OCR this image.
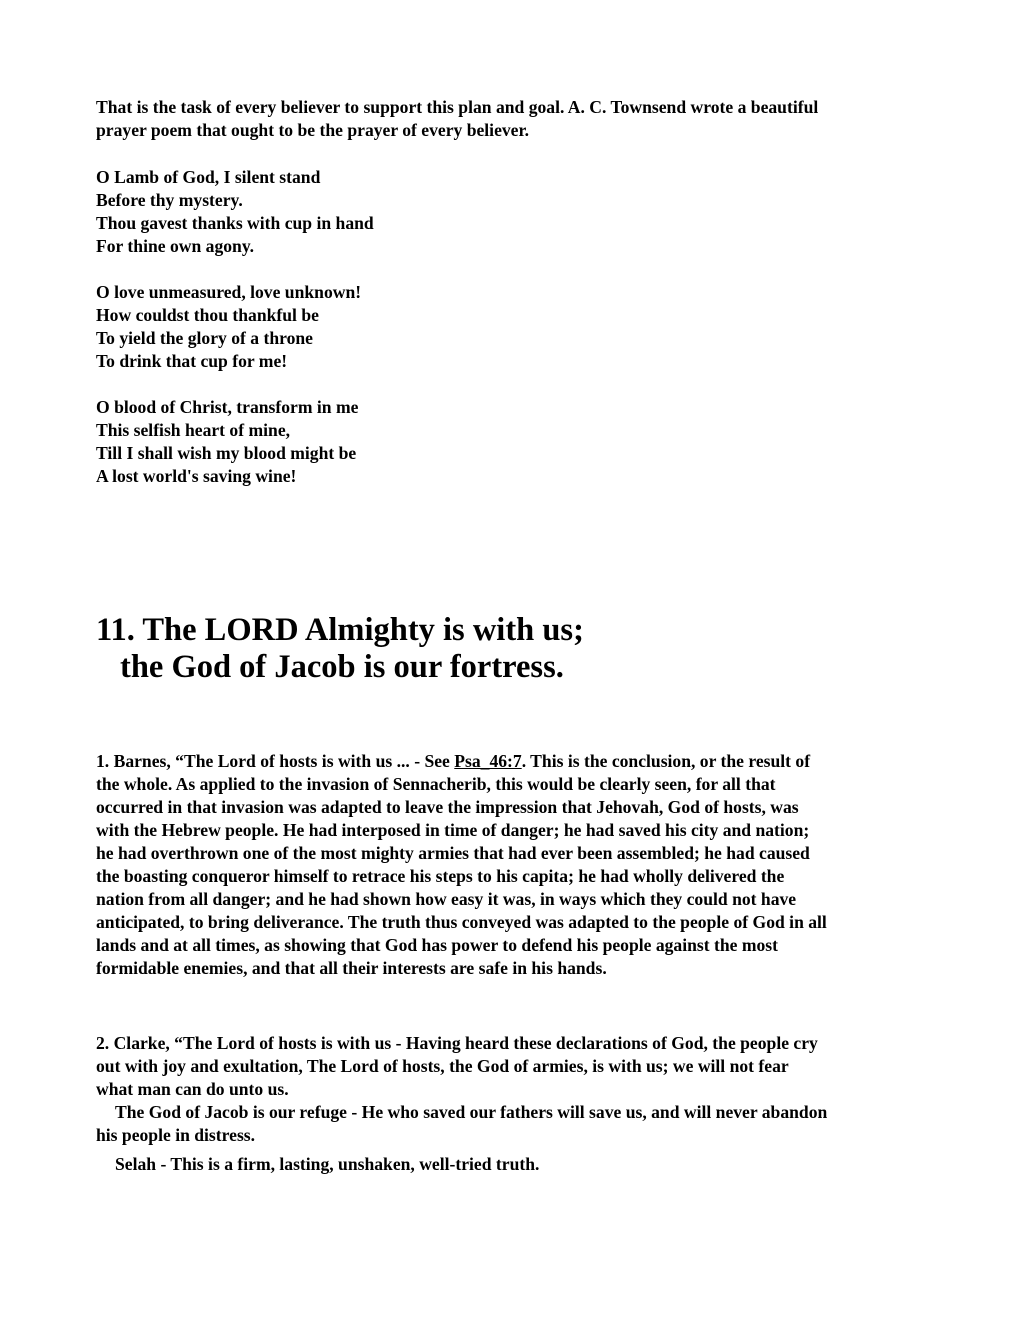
That is the task of every believer to support this plan and goal. A. C. Townsend wrote a beautiful
prayer poem that ought to be the prayer of every believer.

O Lamb of God, I silent stand
Before thy mystery.
Thou gavest thanks with cup in hand
For thine own agony.

O love unmeasured, love unknown!
How couldst thou thankful be
To yield the glory of a throne
To drink that cup for me!

O blood of Christ, transform in me
This selfish heart of mine,
Till I shall wish my blood might be
A lost world's saving wine!

11. The LORD Almighty is with us;
the God of Jacob is our fortress.

1. Barnes, “The Lord of hosts is with us ... - See Psa_46:7. This is the conclusion, or the result of
the whole. As applied to the invasion of Sennacherib, this would be clearly seen, for all that
occurred in that invasion was adapted to leave the impression that Jehovah, God of hosts, was
with the Hebrew people. He had interposed in time of danger; he had saved his city and nation;
he had overthrown one of the most mighty armies that had ever been assembled; he had caused
the boasting conqueror himself to retrace his steps to his capita; he had wholly delivered the
nation from all danger; and he had shown how easy it was, in ways which they could not have
anticipated, to bring deliverance. The truth thus conveyed was adapted to the people of God in all
lands and at all times, as showing that God has power to defend his people against the most
formidable enemies, and that all their interests are safe in his hands.

2. Clarke, “The Lord of hosts is with us - Having heard these declarations of God, the people cry
out with joy and exultation, The Lord of hosts, the God of armies, is with us; we will not fear
what man can do unto us.

The God of Jacob is our refuge - He who saved our fathers will save us, and will never abandon
his people in distress.

Selah - This is a firm, lasting, unshaken, well-tried truth.
